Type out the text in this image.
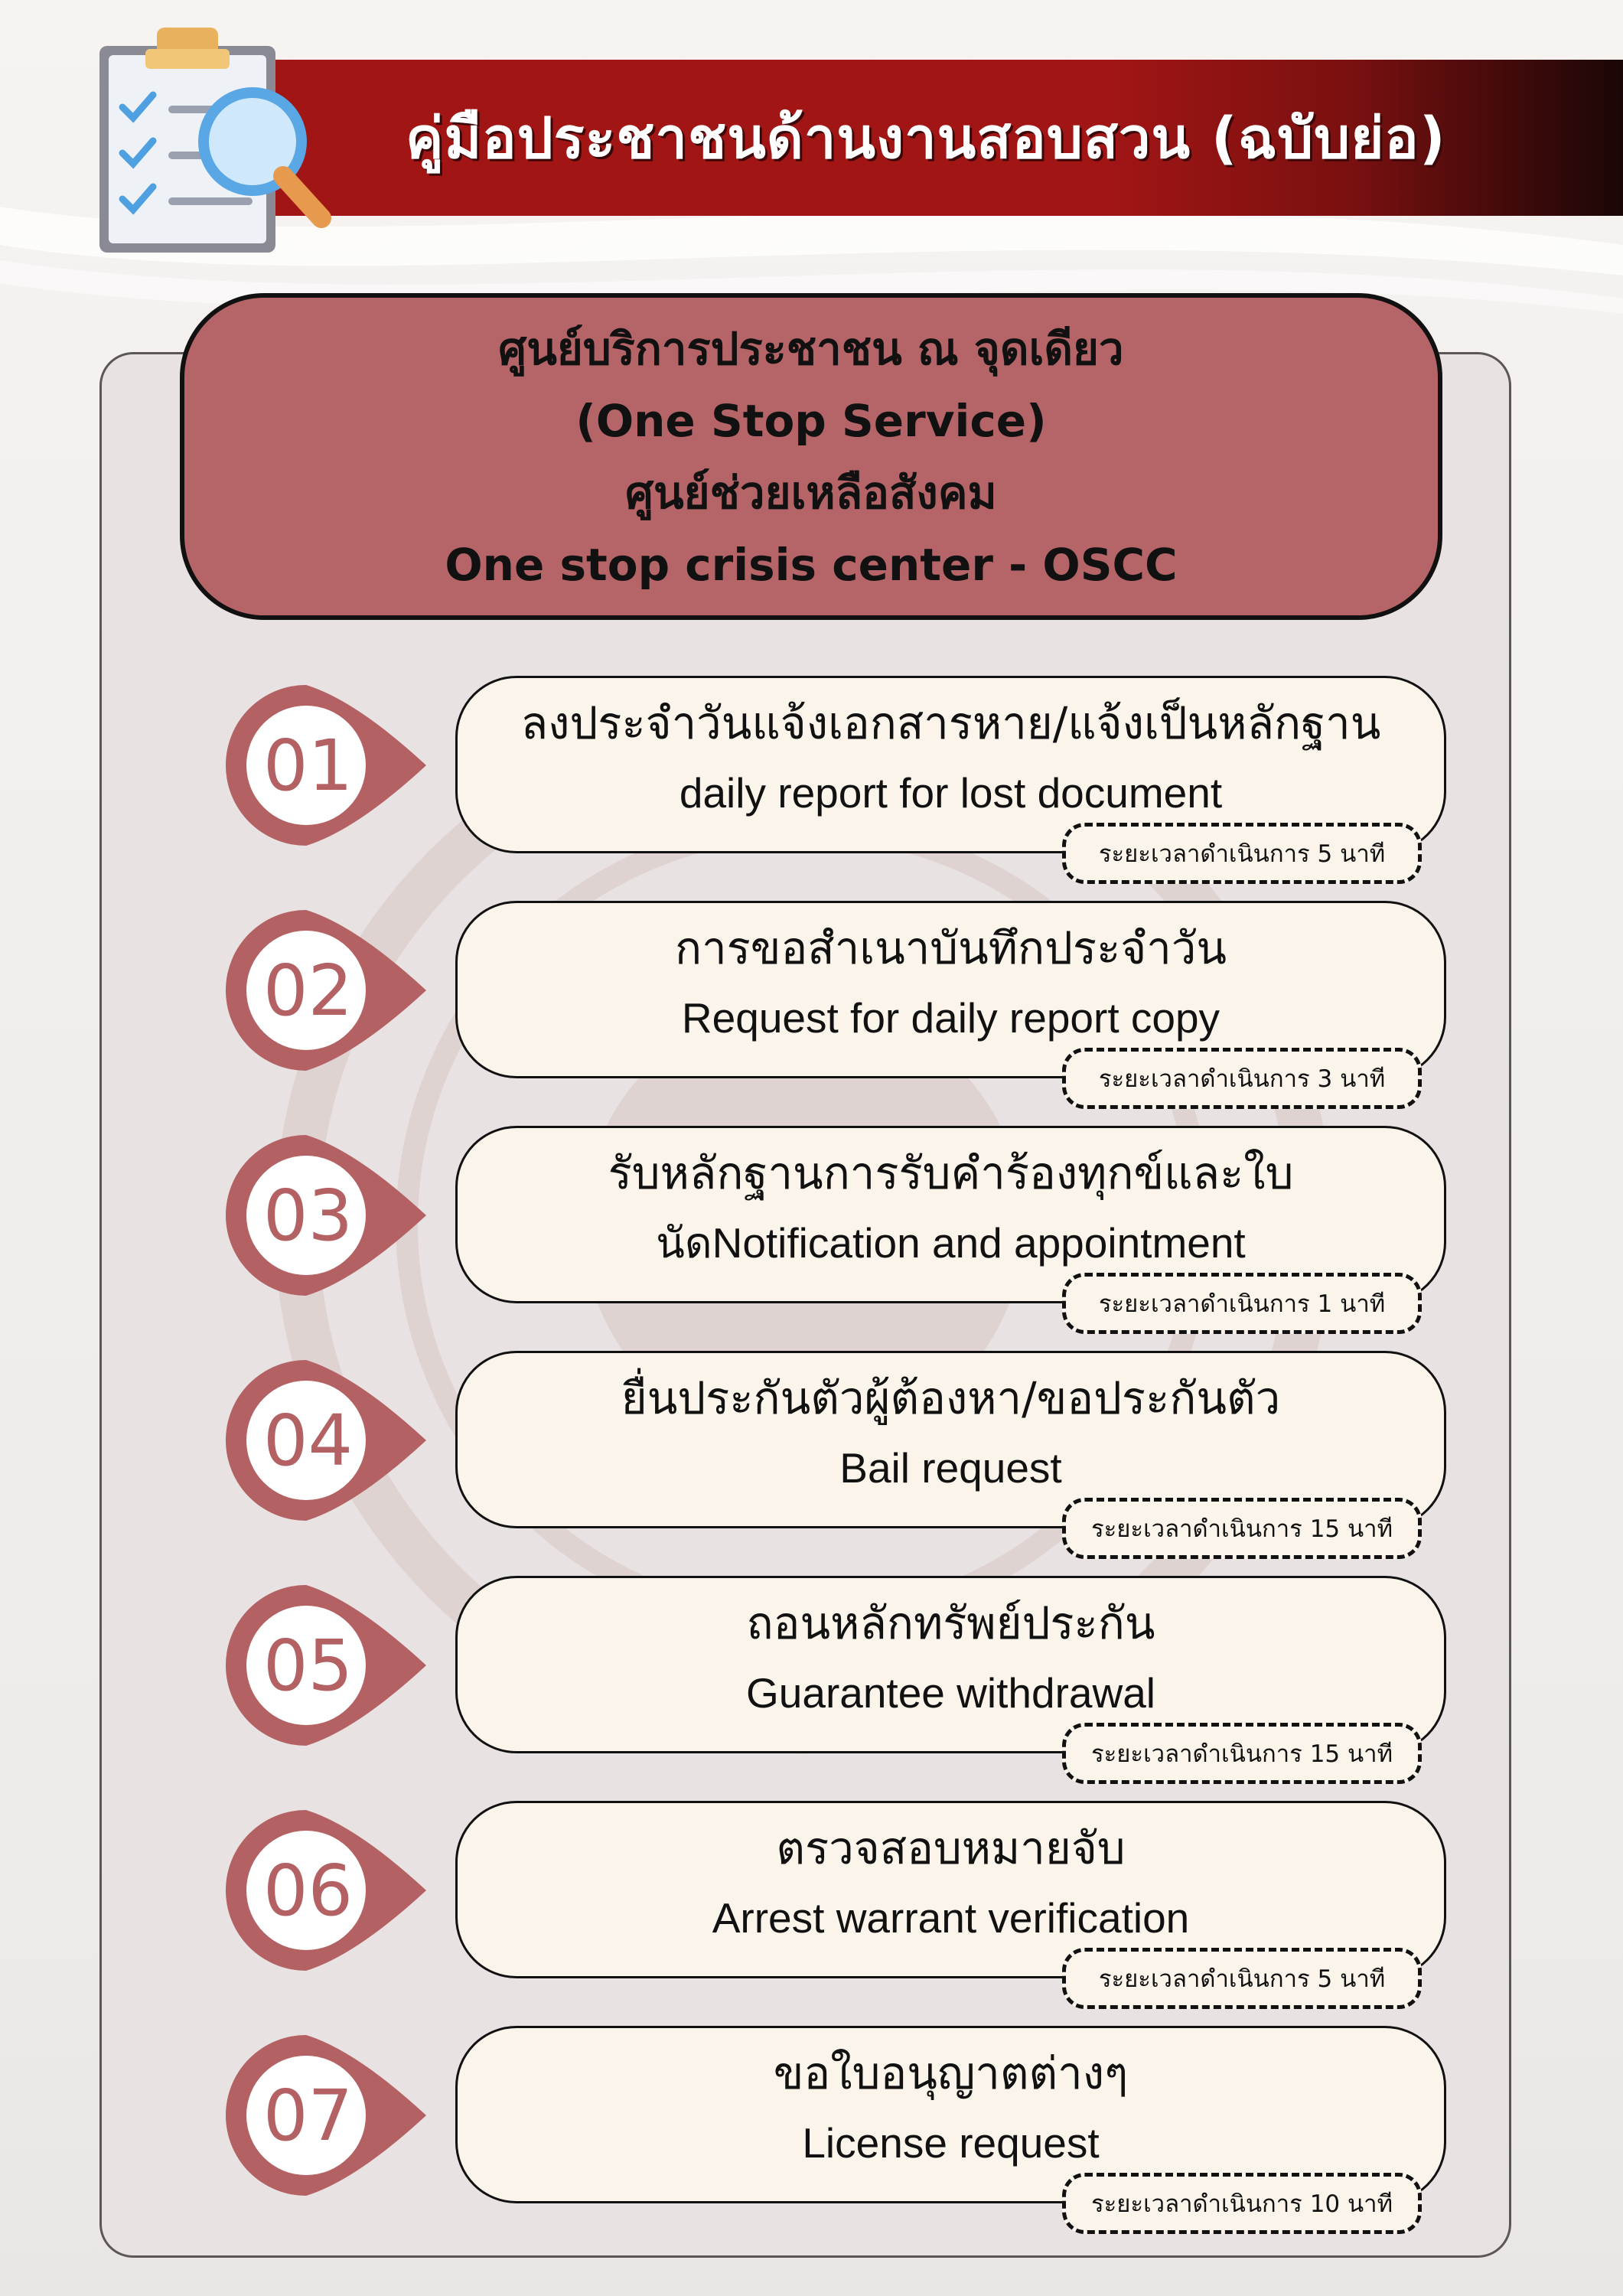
คู่มือประชาชนด้านงานสอบสวน (ฉบับย่อ)
ศูนย์บริการประชาชน ณ จุดเดียว
(One Stop Service)
ศูนย์ช่วยเหลือสังคม
One stop crisis center - OSCC
01
ลงประจำวันแจ้งเอกสารหาย/แจ้งเป็นหลักฐาน
daily report for lost document
ระยะเวลาดำเนินการ 5 นาที
02
การขอสำเนาบันทึกประจำวัน
Request for daily report copy
ระยะเวลาดำเนินการ 3 นาที
03
รับหลักฐานการรับคำร้องทุกข์และใบ
นัดNotification and appointment
ระยะเวลาดำเนินการ 1 นาที
04
ยื่นประกันตัวผู้ต้องหา/ขอประกันตัว
Bail request
ระยะเวลาดำเนินการ 15 นาที
05
ถอนหลักทรัพย์ประกัน
Guarantee withdrawal
ระยะเวลาดำเนินการ 15 นาที
06
ตรวจสอบหมายจับ
Arrest warrant verification
ระยะเวลาดำเนินการ 5 นาที
07
ขอใบอนุญาตต่างๆ
License request
ระยะเวลาดำเนินการ 10 นาที
